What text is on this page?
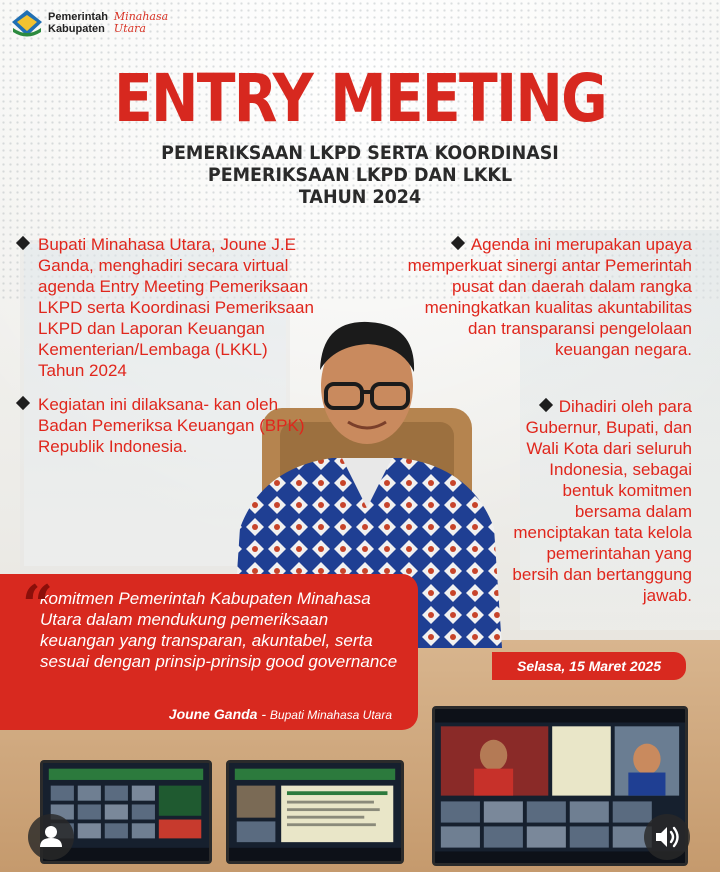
Pemerintah
Kabupaten
Minahasa
Utara
ENTRY MEETING
PEMERIKSAAN LKPD SERTA KOORDINASI
PEMERIKSAAN LKPD DAN LKKL
TAHUN 2024
Bupati Minahasa Utara, Joune J.E Ganda, menghadiri secara virtual agenda Entry Meeting Pemeriksaan LKPD serta Koordinasi Pemeriksaan LKPD dan Laporan Keuangan Kementerian/Lembaga (LKKL) Tahun 2024
Kegiatan ini dilaksana- kan oleh Badan Pemeriksa Keuangan (BPK) Republik Indonesia.
Agenda ini merupakan upaya memperkuat sinergi antar Pemerintah pusat dan daerah dalam rangka meningkatkan kualitas akuntabilitas dan transparansi pengelolaan keuangan negara.
Dihadiri oleh para Gubernur, Bupati, dan Wali Kota dari seluruh Indonesia, sebagai bentuk komitmen bersama dalam menciptakan tata kelola pemerintahan yang bersih dan bertanggung jawab.
“
komitmen Pemerintah Kabupaten Minahasa Utara dalam mendukung pemeriksaan keuangan yang transparan, akuntabel, serta sesuai dengan prinsip-prinsip good governance
Joune Ganda - Bupati Minahasa Utara
Selasa, 15 Maret 2025
